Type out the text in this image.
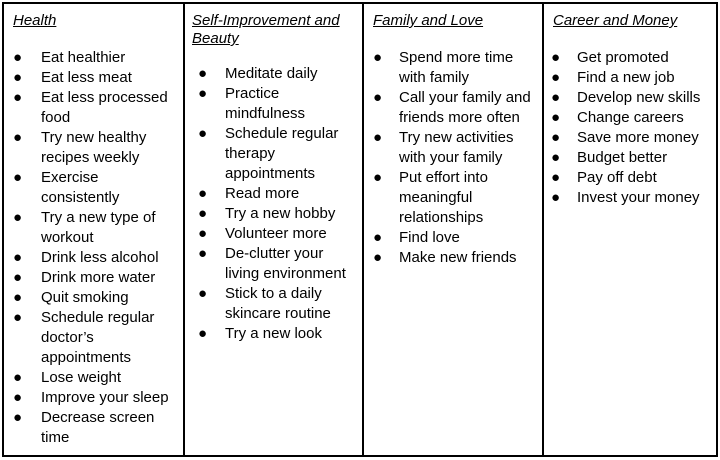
Health
● Eat healthier
● Eat less meat
● Eat less processed food
● Try new healthy recipes weekly
● Exercise consistently
● Try a new type of workout
● Drink less alcohol
● Drink more water
● Quit smoking
● Schedule regular doctor’s appointments
● Lose weight
● Improve your sleep
● Decrease screen time
Self-Improvement and Beauty
● Meditate daily
● Practice mindfulness
● Schedule regular therapy appointments
● Read more
● Try a new hobby
● Volunteer more
● De-clutter your living environment
● Stick to a daily skincare routine
● Try a new look
Family and Love
● Spend more time with family
● Call your family and friends more often
● Try new activities with your family
● Put effort into meaningful relationships
● Find love
● Make new friends
Career and Money
● Get promoted
● Find a new job
● Develop new skills
● Change careers
● Save more money
● Budget better
● Pay off debt
● Invest your money
